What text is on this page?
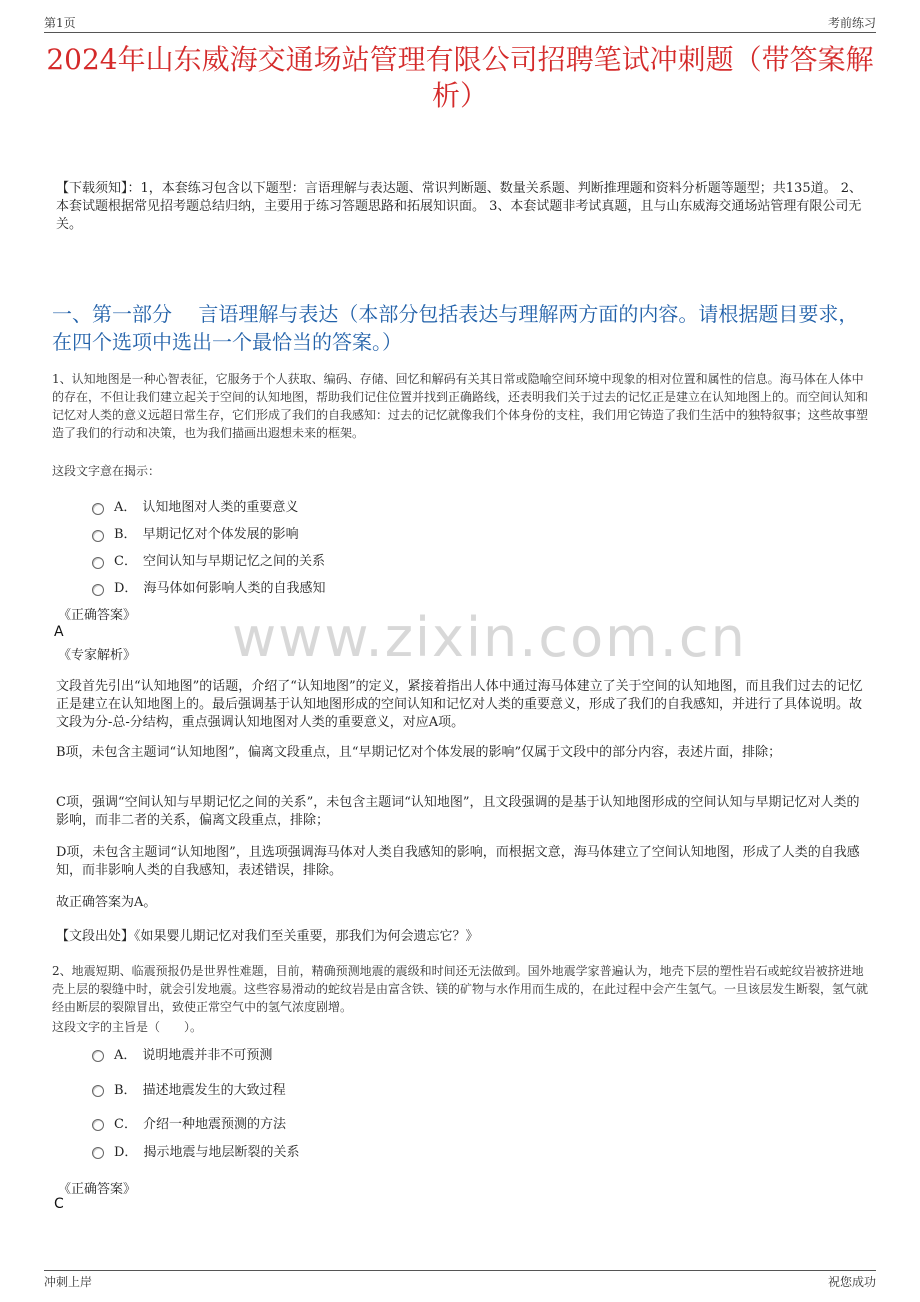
第1页	考前练习
2024年山东威海交通场站管理有限公司招聘笔试冲刺题（带答案解析）
【下载须知】：1，本套练习包含以下题型：言语理解与表达题、常识判断题、数量关系题、判断推理题和资料分析题等题型；共135道。 2、本套试题根据常见招考题总结归纳，主要用于练习答题思路和拓展知识面。 3、本套试题非考试真题，且与山东威海交通场站管理有限公司无关。
一、第一部分　 言语理解与表达（本部分包括表达与理解两方面的内容。请根据题目要求，在四个选项中选出一个最恰当的答案。）
1、认知地图是一种心智表征，它服务于个人获取、编码、存储、回忆和解码有关其日常或隐喻空间环境中现象的相对位置和属性的信息。海马体在人体中的存在，不但让我们建立起关于空间的认知地图，帮助我们记住位置并找到正确路线，还表明我们关于过去的记忆正是建立在认知地图上的。而空间认知和记忆对人类的意义远超日常生存，它们形成了我们的自我感知：过去的记忆就像我们个体身份的支柱，我们用它铸造了我们生活中的独特叙事；这些故事塑造了我们的行动和决策，也为我们描画出遐想未来的框架。
这段文字意在揭示：
A． 认知地图对人类的重要意义
B． 早期记忆对个体发展的影响
C． 空间认知与早期记忆之间的关系
D． 海马体如何影响人类的自我感知
《正确答案》
A
《专家解析》 www.zixin.com.cn
文段首先引出“认知地图”的话题，介绍了“认知地图”的定义，紧接着指出人体中通过海马体建立了关于空间的认知地图，而且我们过去的记忆正是建立在认知地图上的。最后强调基于认知地图形成的空间认知和记忆对人类的重要意义，形成了我们的自我感知，并进行了具体说明。故文段为分-总-分结构，重点强调认知地图对人类的重要意义，对应A项。
B项，未包含主题词“认知地图”，偏离文段重点，且“早期记忆对个体发展的影响”仅属于文段中的部分内容，表述片面，排除；
C项，强调“空间认知与早期记忆之间的关系”，未包含主题词“认知地图”，且文段强调的是基于认知地图形成的空间认知与早期记忆对人类的影响，而非二者的关系，偏离文段重点，排除；
D项，未包含主题词“认知地图”，且选项强调海马体对人类自我感知的影响，而根据文意，海马体建立了空间认知地图，形成了人类的自我感知，而非影响人类的自我感知，表述错误，排除。
故正确答案为A。
【文段出处】《如果婴儿期记忆对我们至关重要，那我们为何会遗忘它？》
2、地震短期、临震预报仍是世界性难题，目前，精确预测地震的震级和时间还无法做到。国外地震学家普遍认为，地壳下层的塑性岩石或蛇纹岩被挤进地壳上层的裂缝中时，就会引发地震。这些容易滑动的蛇纹岩是由富含铁、镁的矿物与水作用而生成的，在此过程中会产生氢气。一旦该层发生断裂，氢气就经由断层的裂隙冒出，致使正常空气中的氢气浓度剧增。
这段文字的主旨是（　　）。
A． 说明地震并非不可预测
B． 描述地震发生的大致过程
C． 介绍一种地震预测的方法
D． 揭示地震与地层断裂的关系
《正确答案》
C
冲刺上岸	祝您成功
